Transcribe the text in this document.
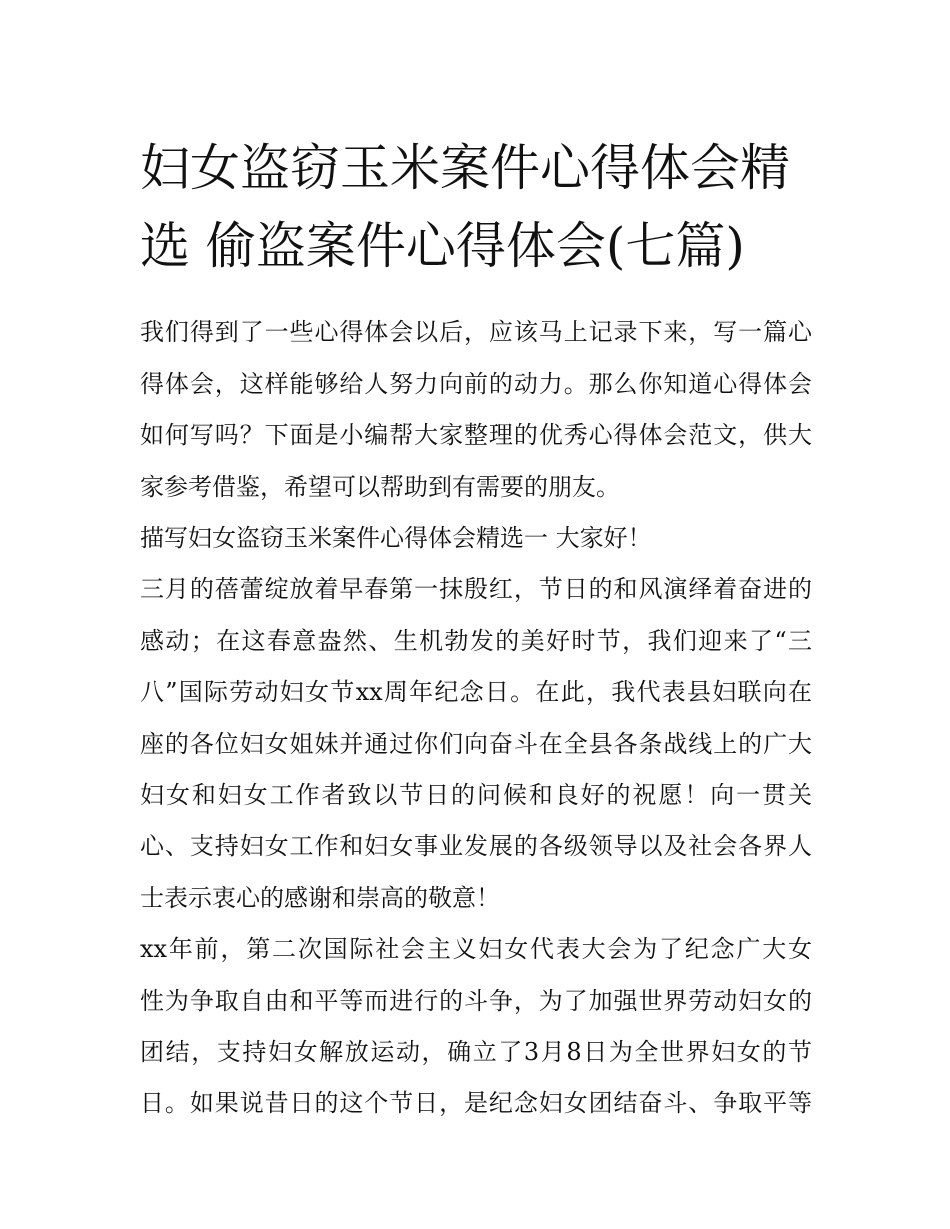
妇女盗窃玉米案件心得体会精
选 偷盗案件心得体会(七篇)

我们得到了一些心得体会以后，应该马上记录下来，写一篇心

得体会，这样能够给人努力向前的动力。那么你知道心得体会

如何写吗？下面是小编帮大家整理的优秀心得体会范文，供大

家参考借鉴，希望可以帮助到有需要的朋友。

描写妇女盗窃玉米案件心得体会精选一 大家好！

三月的蓓蕾绽放着早春第一抹殷红，节日的和风演绎着奋进的

感动；在这春意盎然、生机勃发的美好时节，我们迎来了“三

八”国际劳动妇女节xx周年纪念日。在此，我代表县妇联向在

座的各位妇女姐妹并通过你们向奋斗在全县各条战线上的广大

妇女和妇女工作者致以节日的问候和良好的祝愿！向一贯关

心、支持妇女工作和妇女事业发展的各级领导以及社会各界人

士表示衷心的感谢和崇高的敬意！

xx年前，第二次国际社会主义妇女代表大会为了纪念广大女

性为争取自由和平等而进行的斗争，为了加强世界劳动妇女的

团结，支持妇女解放运动，确立了3月8日为全世界妇女的节

日。如果说昔日的这个节日，是纪念妇女团结奋斗、争取平等
